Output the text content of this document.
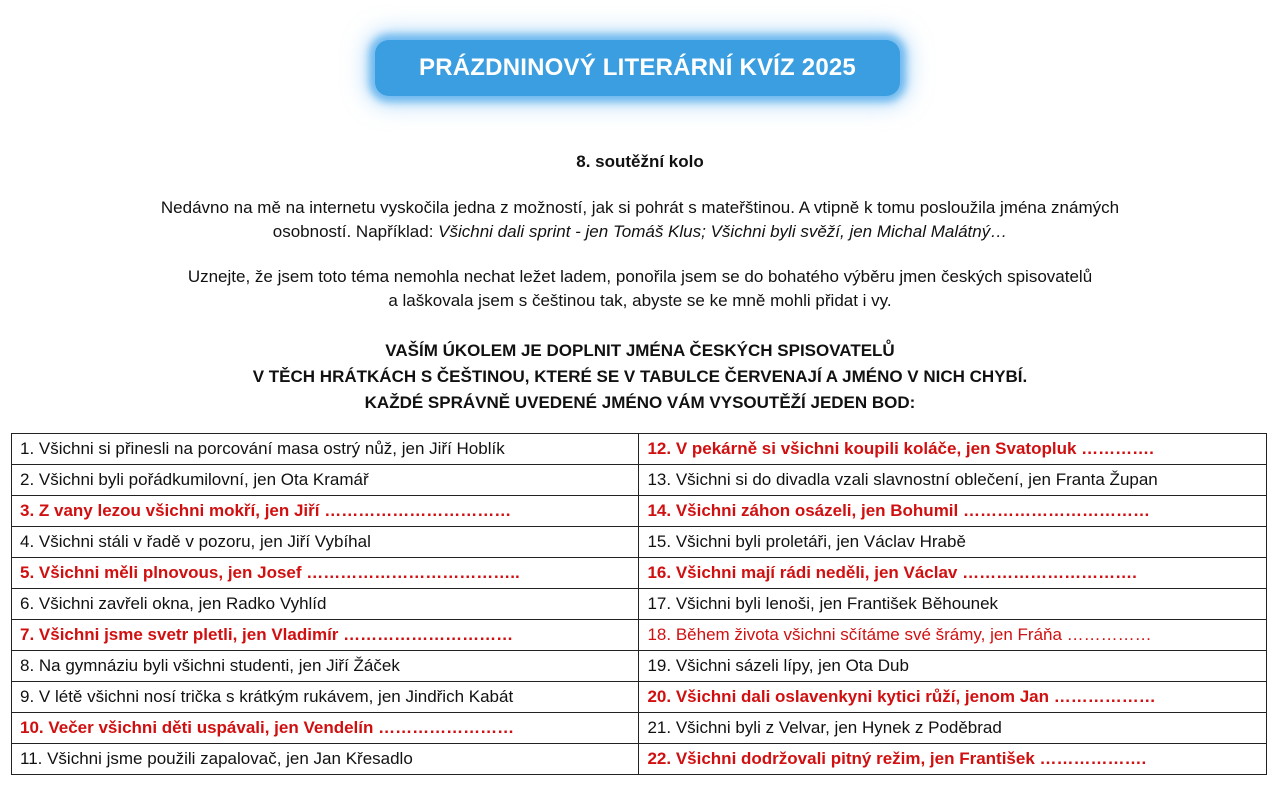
PRÁZDNINOVÝ LITERÁRNÍ KVÍZ 2025
8. soutěžní kolo
Nedávno na mě na internetu vyskočila jedna z možností, jak si pohrát s mateřštinou. A vtipně k tomu posloužila jména známých
osobností. Například: Všichni dali sprint - jen Tomáš Klus; Všichni byli svěží, jen Michal Malátný…
Uznejte, že jsem toto téma nemohla nechat ležet ladem, ponořila jsem se do bohatého výběru jmen českých spisovatelů
a laškovala jsem s češtinou tak, abyste se ke mně mohli přidat i vy.
VAŠÍM ÚKOLEM JE DOPLNIT JMÉNA ČESKÝCH SPISOVATELŮ
V TĚCH HRÁTKÁCH S ČEŠTINOU, KTERÉ SE V TABULCE ČERVENAJÍ A JMÉNO V NICH CHYBÍ.
KAŽDÉ SPRÁVNĚ UVEDENÉ JMÉNO VÁM VYSOUTĚŽÍ JEDEN BOD:
1. Všichni si přinesli na porcování masa ostrý nůž, jen Jiří Hoblík	12. V pekárně si všichni koupili koláče, jen Svatopluk ………….
2. Všichni byli pořádkumilovní, jen Ota Kramář	13. Všichni si do divadla vzali slavnostní oblečení, jen Franta Župan
3. Z vany lezou všichni mokří, jen Jiří ……………………………	14. Všichni záhon osázeli, jen Bohumil ……………………………
4. Všichni stáli v řadě v pozoru, jen Jiří Vybíhal	15. Všichni byli proletáři, jen Václav Hrabě
5. Všichni měli plnovous, jen Josef ………………………………..	16. Všichni mají rádi neděli, jen Václav ………………………….
6. Všichni zavřeli okna, jen Radko Vyhlíd	17. Všichni byli lenoši, jen František Běhounek
7. Všichni jsme svetr pletli, jen Vladimír …………………………	18. Během života všichni sčítáme své šrámy, jen Fráňa ……………
8. Na gymnáziu byli všichni studenti, jen Jiří Žáček	19. Všichni sázeli lípy, jen Ota Dub
9. V létě všichni nosí trička s krátkým rukávem, jen Jindřich Kabát	20. Všichni dali oslavenkyni kytici růží, jenom Jan ………………
10. Večer všichni děti uspávali, jen Vendelín ……………………	21. Všichni byli z Velvar, jen Hynek z Poděbrad
11. Všichni jsme použili zapalovač, jen Jan Křesadlo	22. Všichni dodržovali pitný režim, jen František ……………….
